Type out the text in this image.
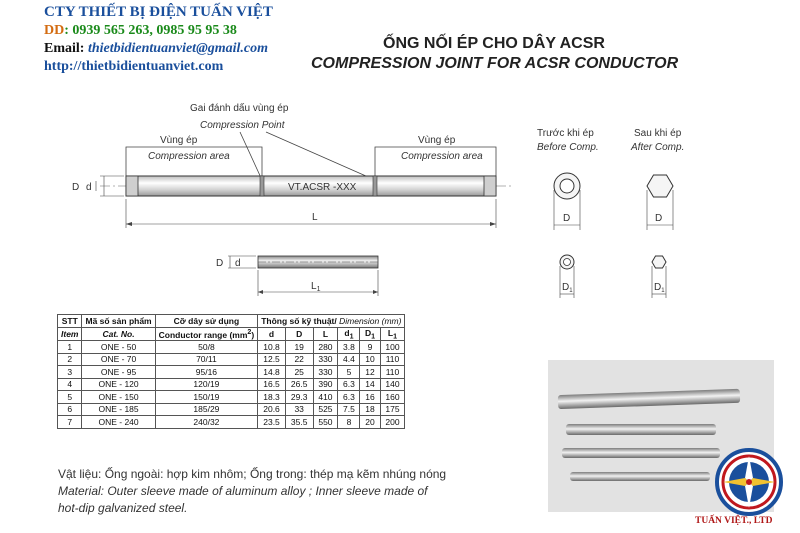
CTY THIẾT BỊ ĐIỆN TUẤN VIỆT
DD: 0939 565 263, 0985 95 95 38
Email: thietbidientuanviet@gmail.com
http://thietbidientuanviet.com
ỐNG NỐI ÉP CHO DÂY ACSR
COMPRESSION JOINT FOR ACSR CONDUCTOR
Gai đánh dấu vùng ép
Compression Point
Vùng ép
Compression area
Vùng ép
Compression area
VT.ACSR -XXX
D d
L
D d
$L_1$
Trước khi ép
Before Comp.
D
$D_1$
Sau khi ép
After Comp.
D
$D_1$
STT	Mã số sản phẩm	Cỡ dây sử dụng	Thông số kỹ thuật/ Dimension (mm)					
Item	Cat. No.	Conductor range $(mm^2)$	d	D	L	$d_1$	$D_1$	$L_1$
1	ONE - 50	50/8	10.8	19	280	3.8	9	100
2	ONE - 70	70/11	12.5	22	330	4.4	10	110
3	ONE - 95	95/16	14.8	25	330	5	12	110
4	ONE - 120	120/19	16.5	26.5	390	6.3	14	140
5	ONE - 150	150/19	18.3	29.3	410	6.3	16	160
6	ONE - 185	185/29	20.6	33	525	7.5	18	175
7	ONE - 240	240/32	23.5	35.5	550	8	20	200
Vật liệu: Ống ngoài: hợp kim nhôm; Ống trong: thép mạ kẽm nhúng nóng
Material: Outer sleeve made of aluminum alloy ; Inner sleeve made of
hot-dip galvanized steel.
TUẤN VIỆT., LTD
